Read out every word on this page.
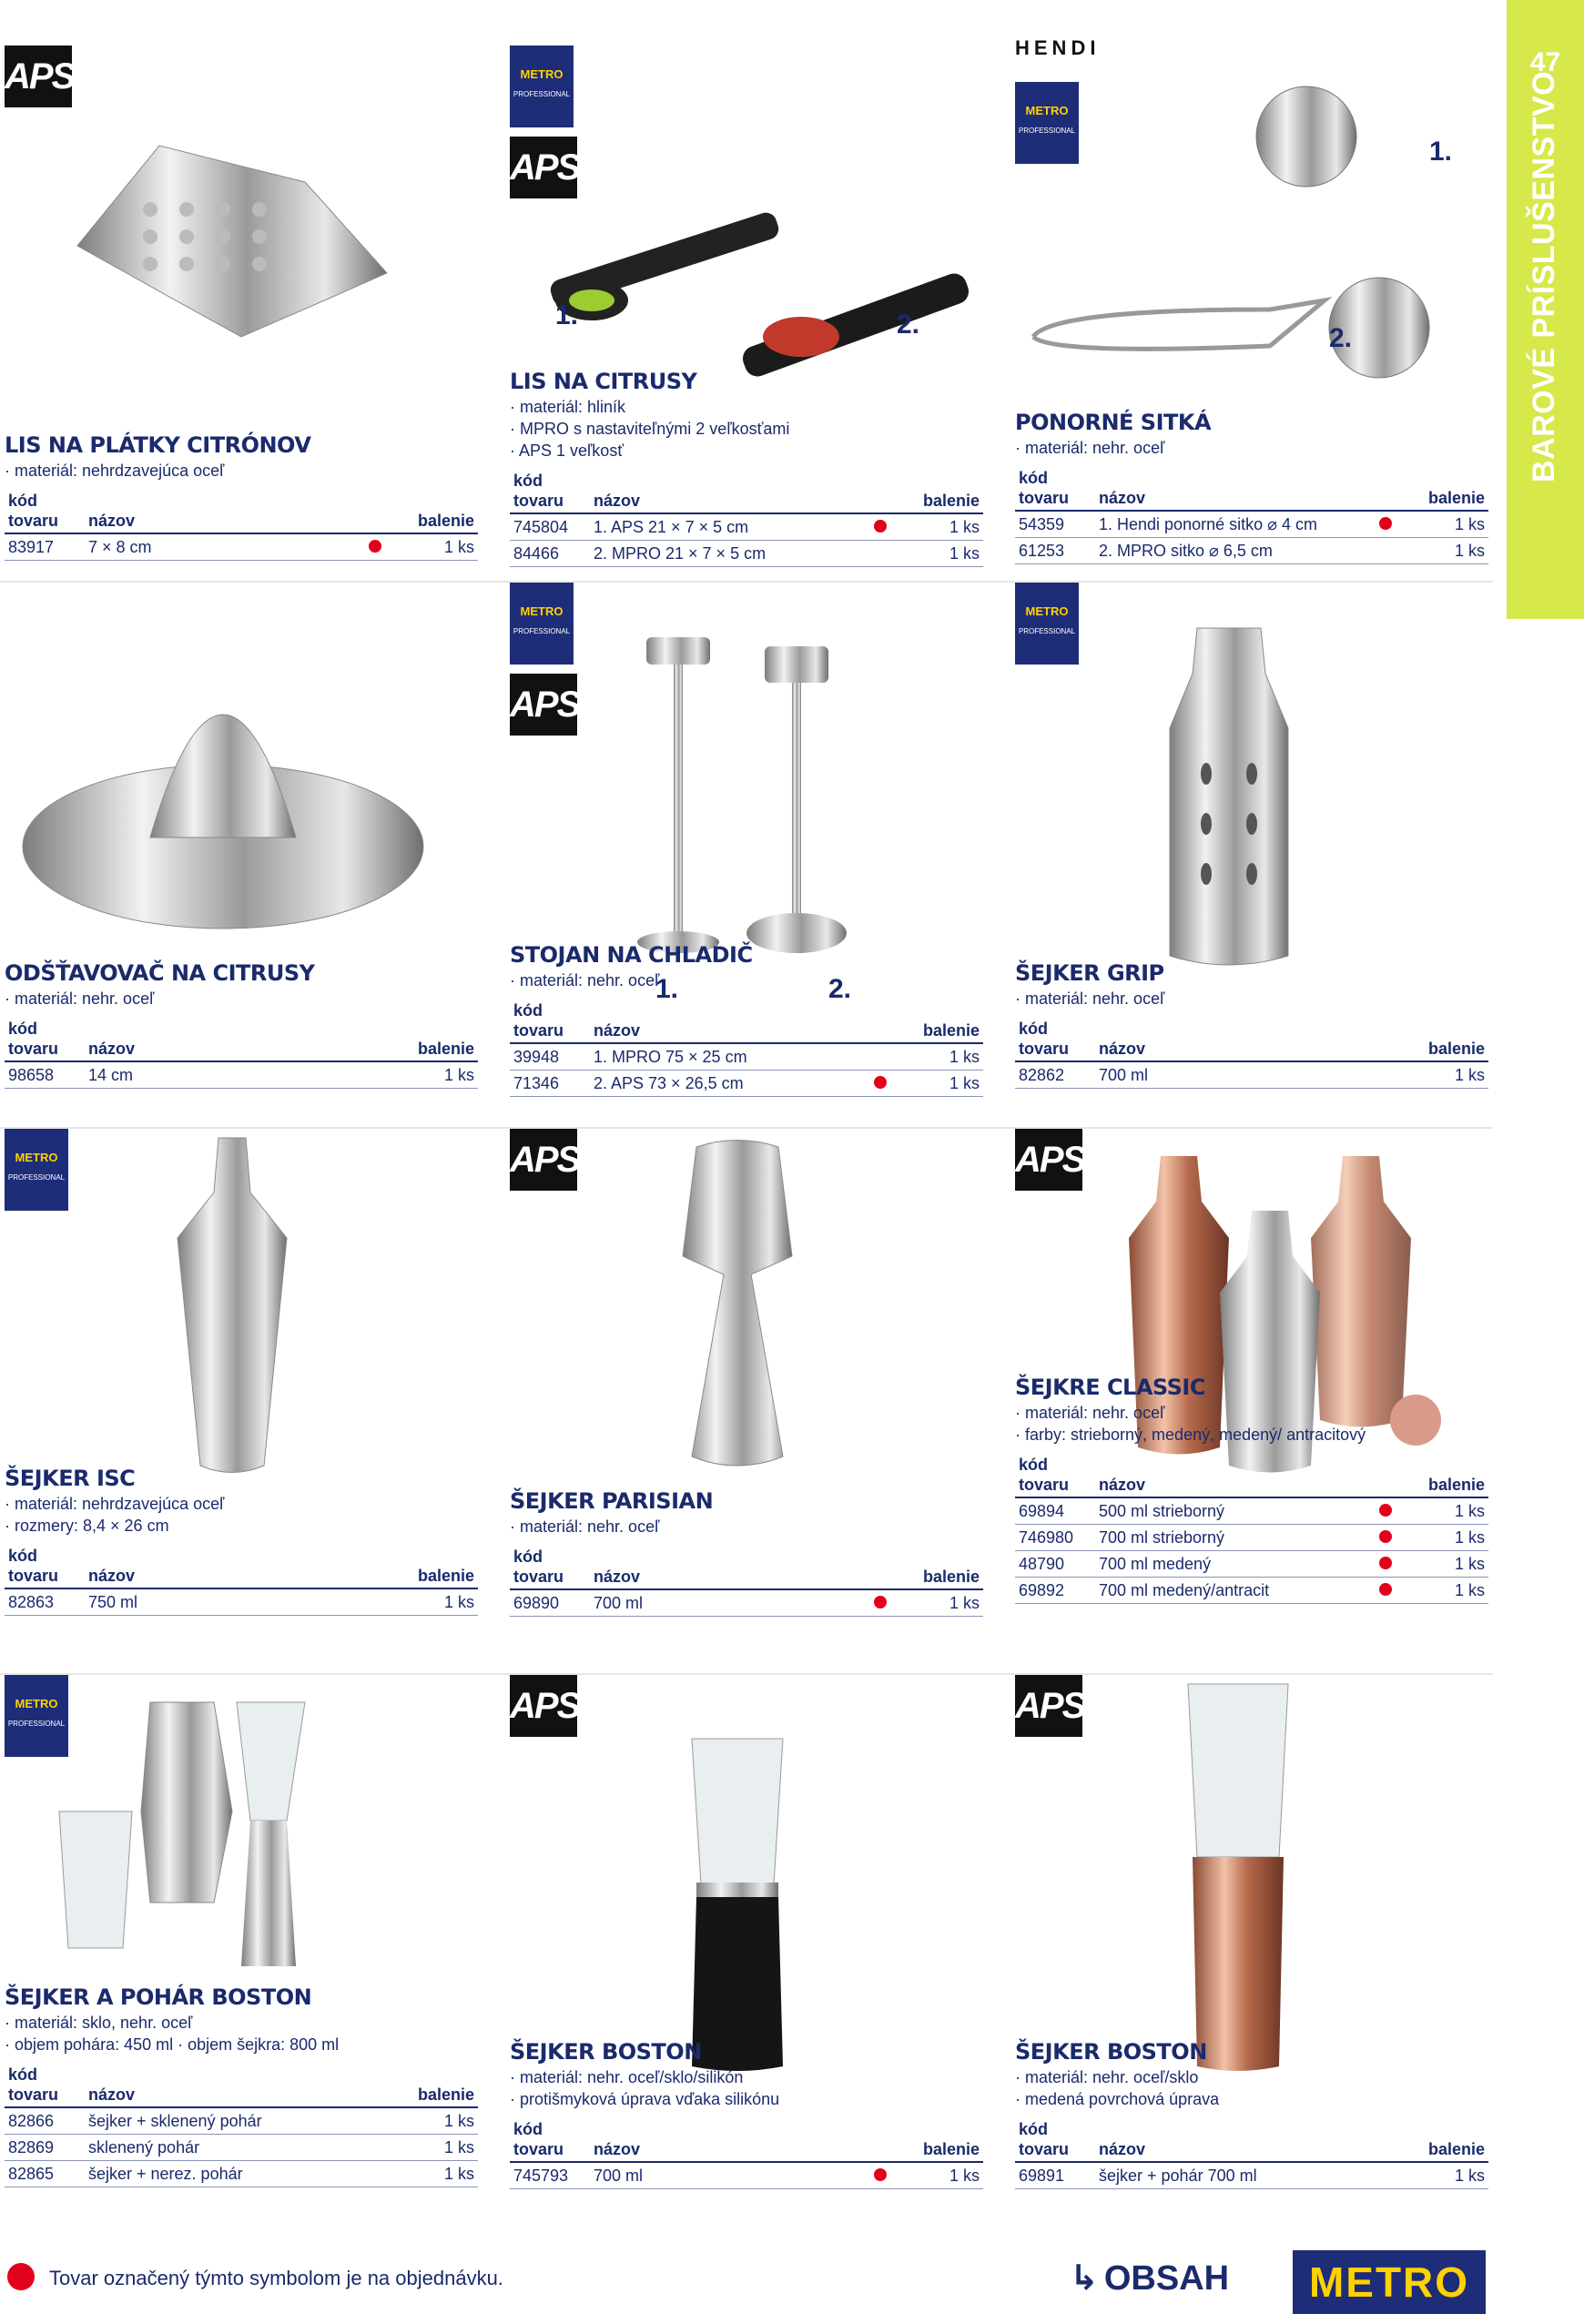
47
BAROVÉ PRÍSLUŠENSTVO
APS
LIS NA PLÁTKY CITRÓNOV
· materiál: nehrdzavejúca oceľ
kód
tovaru	názov		balenie
83917	7 × 8 cm		1 ks
METRO
PROFESSIONAL
APS
1.	2.
LIS NA CITRUSY
· materiál: hliník
· MPRO s nastaviteľnými 2 veľkosťami
· APS 1 veľkosť
kód
tovaru	názov		balenie
745804	1. APS 21 × 7 × 5 cm		1 ks
84466	2. MPRO 21 × 7 × 5 cm		1 ks
HENDI
METRO
PROFESSIONAL
1.
2.
PONORNÉ SITKÁ
· materiál: nehr. oceľ
kód
tovaru	názov		balenie
54359	1. Hendi ponorné sitko ⌀ 4 cm		1 ks
61253	2. MPRO sitko ⌀ 6,5 cm		1 ks
ODŠŤAVOVAČ NA CITRUSY
· materiál: nehr. oceľ
kód
tovaru	názov		balenie
98658	14 cm		1 ks
METRO
PROFESSIONAL
APS
1.	2.
STOJAN NA CHLADIČ
· materiál: nehr. oceľ
kód
tovaru	názov		balenie
39948	1. MPRO 75 × 25 cm		1 ks
71346	2. APS 73 × 26,5 cm		1 ks
METRO
PROFESSIONAL
ŠEJKER GRIP
· materiál: nehr. oceľ
kód
tovaru	názov		balenie
82862	700 ml		1 ks
METRO
PROFESSIONAL
ŠEJKER ISC
· materiál: nehrdzavejúca oceľ
· rozmery: 8,4 × 26 cm
kód
tovaru	názov		balenie
82863	750 ml		1 ks
APS
ŠEJKER PARISIAN
· materiál: nehr. oceľ
kód
tovaru	názov		balenie
69890	700 ml		1 ks
APS
ŠEJKRE CLASSIC
· materiál: nehr. oceľ
· farby: strieborný, medený, medený/ antracitový
kód
tovaru	názov		balenie
69894	500 ml strieborný		1 ks
746980	700 ml strieborný		1 ks
48790	700 ml medený		1 ks
69892	700 ml medený/antracit		1 ks
METRO
PROFESSIONAL
ŠEJKER A POHÁR BOSTON
· materiál: sklo, nehr. oceľ
· objem pohára: 450 ml · objem šejkra: 800 ml
kód
tovaru	názov		balenie
82866	šejker + sklenený pohár		1 ks
82869	sklenený pohár		1 ks
82865	šejker + nerez. pohár		1 ks
APS
ŠEJKER BOSTON
· materiál: nehr. oceľ/sklo/silikón
· protišmyková úprava vďaka silikónu
kód
tovaru	názov		balenie
745793	700 ml		1 ks
APS
ŠEJKER BOSTON
· materiál: nehr. oceľ/sklo
· medená povrchová úprava
kód
tovaru	názov		balenie
69891	šejker + pohár 700 ml		1 ks
Tovar označený týmto symbolom je na objednávku.	↳ OBSAH	METRO
